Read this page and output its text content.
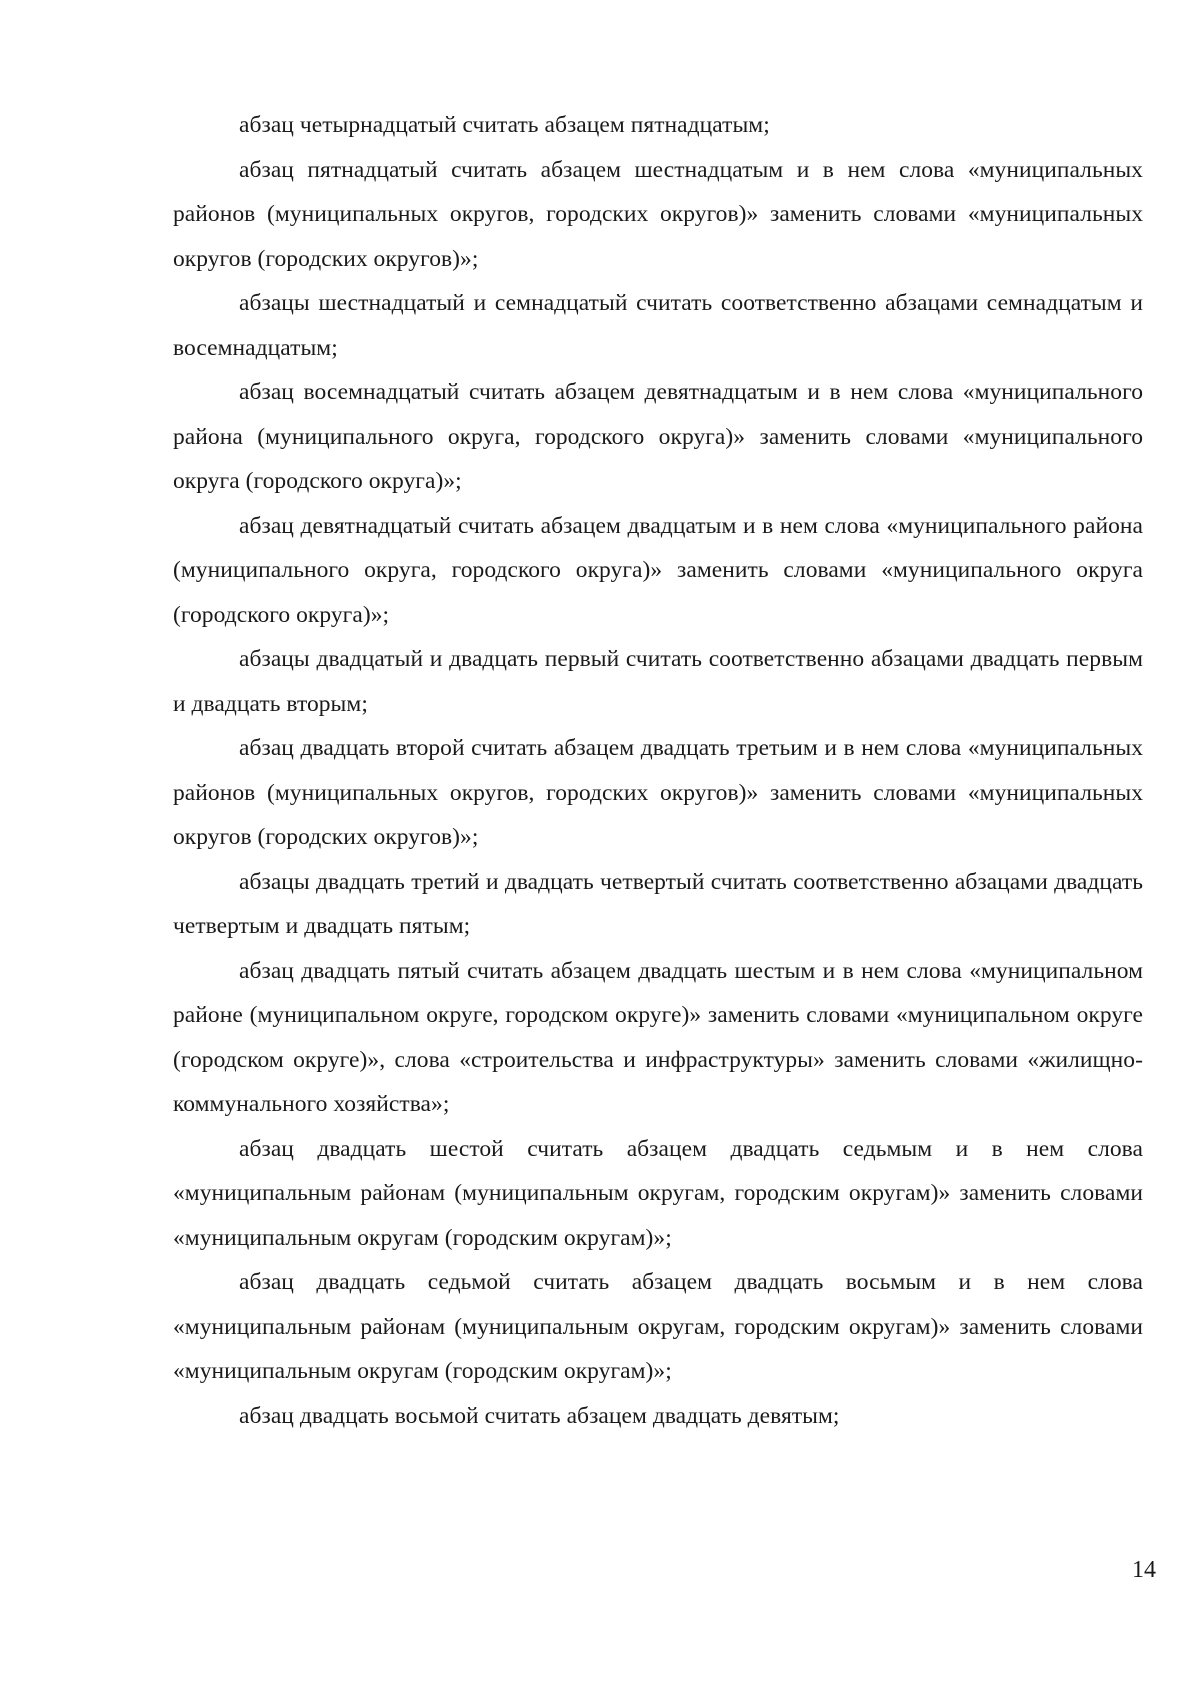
абзац четырнадцатый считать абзацем пятнадцатым;

абзац пятнадцатый считать абзацем шестнадцатым и в нем слова «муниципальных районов (муниципальных округов, городских округов)» заменить словами «муниципальных округов (городских округов)»;

абзацы шестнадцатый и семнадцатый считать соответственно абзацами семнадцатым и восемнадцатым;

абзац восемнадцатый считать абзацем девятнадцатым и в нем слова «муниципального района (муниципального округа, городского округа)» заменить словами «муниципального округа (городского округа)»;

абзац девятнадцатый считать абзацем двадцатым и в нем слова «муниципального района (муниципального округа, городского округа)» заменить словами «муниципального округа (городского округа)»;

абзацы двадцатый и двадцать первый считать соответственно абзацами двадцать первым и двадцать вторым;

абзац двадцать второй считать абзацем двадцать третьим и в нем слова «муниципальных районов (муниципальных округов, городских округов)» заменить словами «муниципальных округов (городских округов)»;

абзацы двадцать третий и двадцать четвертый считать соответственно абзацами двадцать четвертым и двадцать пятым;

абзац двадцать пятый считать абзацем двадцать шестым и в нем слова «муниципальном районе (муниципальном округе, городском округе)» заменить словами «муниципальном округе (городском округе)», слова «строительства и инфраструктуры» заменить словами «жилищно-коммунального хозяйства»;

абзац двадцать шестой считать абзацем двадцать седьмым и в нем слова «муниципальным районам (муниципальным округам, городским округам)» заменить словами «муниципальным округам (городским округам)»;

абзац двадцать седьмой считать абзацем двадцать восьмым и в нем слова «муниципальным районам (муниципальным округам, городским округам)» заменить словами «муниципальным округам (городским округам)»;

абзац двадцать восьмой считать абзацем двадцать девятым;

14
